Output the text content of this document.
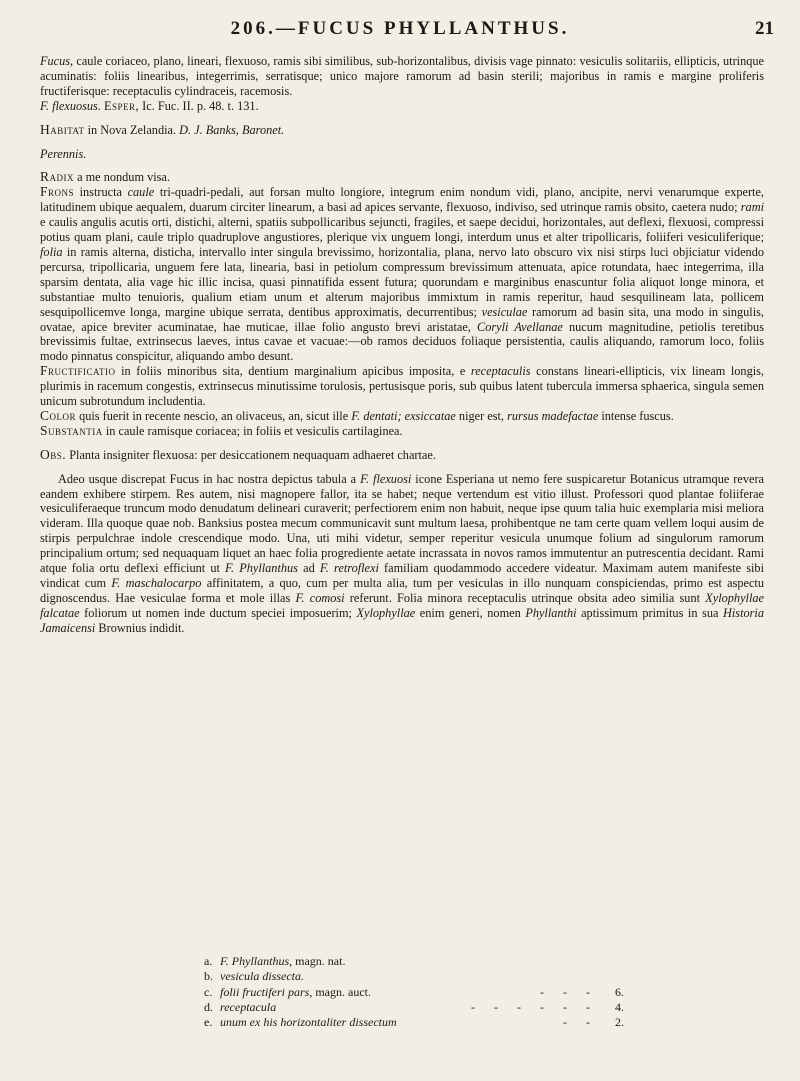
206.—FUCUS PHYLLANTHUS.	21

Fucus, caule coriaceo, plano, lineari, flexuoso, ramis sibi similibus, sub-horizontalibus, divisis vage pinnato: vesiculis solitariis, ellipticis, utrinque acuminatis: foliis linearibus, integerrimis, serratisque; unico majore ramorum ad basin sterili; majoribus in ramis e margine proliferis fructiferisque: receptaculis cylindraceis, racemosis.

F. flexuosus. Esper, Ic. Fuc. II. p. 48. t. 131.

Habitat in Nova Zelandia. D. J. Banks, Baronet.

Perennis.

Radix a me nondum visa.

Frons instructa caule tri-quadri-pedali, aut forsan multo longiore, integrum enim nondum vidi, plano, ancipite, nervi venarumque experte, latitudinem ubique aequalem, duarum circiter linearum, a basi ad apices servante, flexuoso, indiviso, sed utrinque ramis obsito, caetera nudo; rami e caulis angulis acutis orti, distichi, alterni, spatiis subpollicaribus sejuncti, fragiles, et saepe decidui, horizontales, aut deflexi, flexuosi, compressi potius quam plani, caule triplo quadruplove angustiores, plerique vix unguem longi, interdum unus et alter tripollicaris, foliiferi vesiculiferique; folia in ramis alterna, disticha, intervallo inter singula brevissimo, horizontalia, plana, nervo lato obscuro vix nisi stirps luci objiciatur videndo percursa, tripollicaria, unguem fere lata, linearia, basi in petiolum compressum brevissimum attenuata, apice rotundata, haec integerrima, illa sparsim dentata, alia vage hic illic incisa, quasi pinnatifida essent futura; quorundam e marginibus enascuntur folia aliquot longe minora, et substantiae multo tenuioris, qualium etiam unum et alterum majoribus immixtum in ramis reperitur, haud sesquilineam lata, pollicem sesquipollicemve longa, margine ubique serrata, dentibus approximatis, decurrentibus; vesiculae ramorum ad basin sita, una modo in singulis, ovatae, apice breviter acuminatae, hae muticae, illae folio angusto brevi aristatae, Coryli Avellanae nucum magnitudine, petiolis teretibus brevissimis fultae, extrinsecus laeves, intus cavae et vacuae:—ob ramos deciduos foliaque persistentia, caulis aliquando, ramorum loco, foliis modo pinnatus conspicitur, aliquando ambo desunt.

Fructificatio in foliis minoribus sita, dentium marginalium apicibus imposita, e receptaculis constans lineari-ellipticis, vix lineam longis, plurimis in racemum congestis, extrinsecus minutissime torulosis, pertusisque poris, sub quibus latent tubercula immersa sphaerica, singula semen unicum subrotundum includentia.

Color quis fuerit in recente nescio, an olivaceus, an, sicut ille F. dentati; exsiccatae niger est, rursus madefactae intense fuscus.

Substantia in caule ramisque coriacea; in foliis et vesiculis cartilaginea.

Obs. Planta insigniter flexuosa: per desiccationem nequaquam adhaeret chartae.

Adeo usque discrepat Fucus in hac nostra depictus tabula a F. flexuosi icone Esperiana ut nemo fere suspicaretur Botanicus utramque revera eandem exhibere stirpem. Res autem, nisi magnopere fallor, ita se habet; neque vertendum est vitio illust. Professori quod plantae foliiferae vesiculiferaeque truncum modo denudatum delineari curaverit; perfectiorem enim non habuit, neque ipse quum talia huic exemplaria misi meliora videram. Illa quoque quae nob. Banksius postea mecum communicavit sunt multum laesa, prohibentque ne tam certe quam vellem loqui ausim de stirpis perpulchrae indole crescendique modo. Una, uti mihi videtur, semper reperitur vesicula unumque folium ad singulorum ramorum principalium ortum; sed nequaquam liquet an haec folia progrediente aetate incrassata in novos ramos immutentur an putrescentia decidant. Rami atque folia ortu deflexi efficiunt ut F. Phyllanthus ad F. retroflexi familiam quodammodo accedere videatur. Maximam autem manifeste sibi vindicat cum F. maschalocarpo affinitatem, a quo, cum per multa alia, tum per vesiculas in illo nunquam conspiciendas, primo est aspectu dignoscendus. Hae vesiculae forma et mole illas F. comosi referunt. Folia minora receptaculis utrinque obsita adeo similia sunt Xylophyllae falcatae foliorum ut nomen inde ductum speciei imposuerim; Xylophyllae enim generi, nomen Phyllanthi aptissimum primitus in sua Historia Jamaicensi Brownius indidit.

a. F. Phyllanthus, magn. nat.
b. vesicula dissecta.
c. folii fructiferi pars, magn. auct.	- - - 6.
d. receptacula	- - - - - - 4.
e. unum ex his horizontaliter dissectum	- - 2.
